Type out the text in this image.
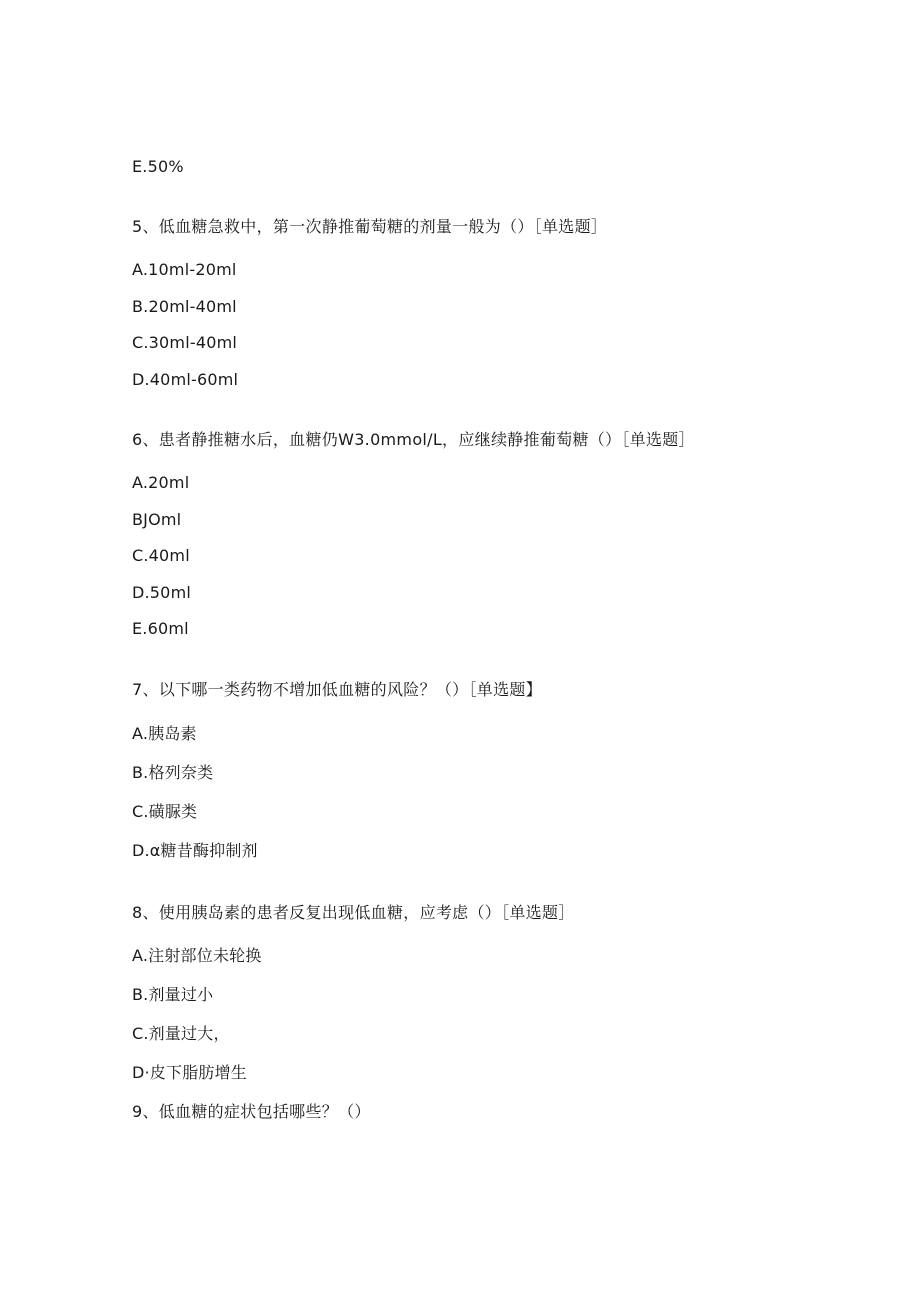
E.50%
5、低血糖急救中，第一次静推葡萄糖的剂量一般为（）［单选题］
A.10ml-20ml
B.20ml-40ml
C.30ml-40ml
D.40ml-60ml
6、患者静推糖水后，血糖仍W3.0mmol/L，应继续静推葡萄糖（）［单选题］
A.20ml
BJOml
C.40ml
D.50ml
E.60ml
7、以下哪一类药物不增加低血糖的风险？（）［单选题】
A.胰岛素
B.格列奈类
C.磺脲类
D.α糖昔酶抑制剂
8、使用胰岛素的患者反复出现低血糖，应考虑（）［单选题］
A.注射部位未轮换
B.剂量过小
C.剂量过大，
D·皮下脂肪增生
9、低血糖的症状包括哪些？（）
